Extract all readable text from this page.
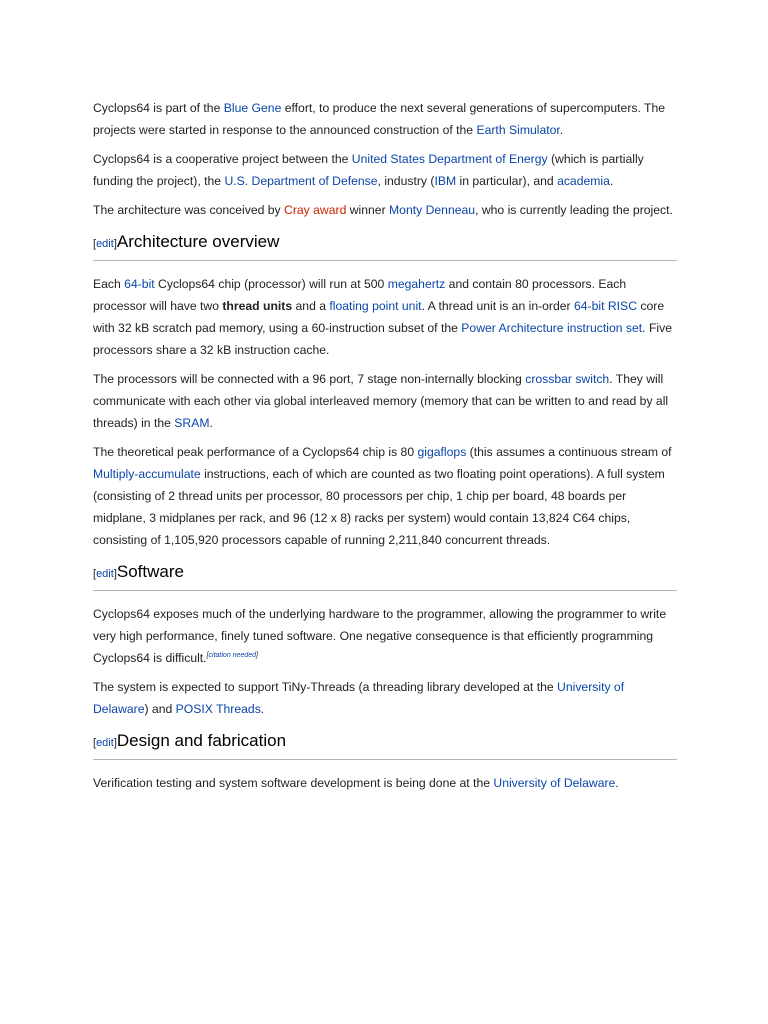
Cyclops64 is part of the Blue Gene effort, to produce the next several generations of supercomputers. The projects were started in response to the announced construction of the Earth Simulator.

Cyclops64 is a cooperative project between the United States Department of Energy (which is partially funding the project), the U.S. Department of Defense, industry (IBM in particular), and academia.

The architecture was conceived by Cray award winner Monty Denneau, who is currently leading the project.

[edit]Architecture overview

Each 64-bit Cyclops64 chip (processor) will run at 500 megahertz and contain 80 processors. Each processor will have two thread units and a floating point unit. A thread unit is an in-order 64-bit RISC core with 32 kB scratch pad memory, using a 60-instruction subset of the Power Architecture instruction set. Five processors share a 32 kB instruction cache.

The processors will be connected with a 96 port, 7 stage non-internally blocking crossbar switch. They will communicate with each other via global interleaved memory (memory that can be written to and read by all threads) in the SRAM.

The theoretical peak performance of a Cyclops64 chip is 80 gigaflops (this assumes a continuous stream of Multiply-accumulate instructions, each of which are counted as two floating point operations). A full system (consisting of 2 thread units per processor, 80 processors per chip, 1 chip per board, 48 boards per midplane, 3 midplanes per rack, and 96 (12 x 8) racks per system) would contain 13,824 C64 chips, consisting of 1,105,920 processors capable of running 2,211,840 concurrent threads.

[edit]Software

Cyclops64 exposes much of the underlying hardware to the programmer, allowing the programmer to write very high performance, finely tuned software. One negative consequence is that efficiently programming Cyclops64 is difficult.[citation needed]

The system is expected to support TiNy-Threads (a threading library developed at the University of Delaware) and POSIX Threads.

[edit]Design and fabrication

Verification testing and system software development is being done at the University of Delaware.
